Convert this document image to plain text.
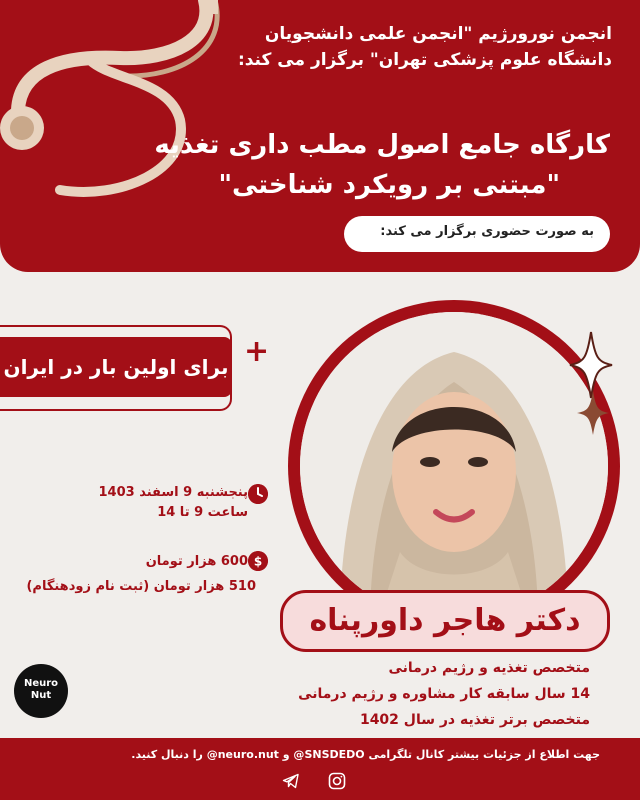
انجمن نورورژیم "انجمن علمی دانشجویان
دانشگاه علوم پزشکی تهران" برگزار می کند:
کارگاه جامع اصول مطب داری تغذیه
"مبتنی بر رویکرد شناختی"
به صورت حضوری برگزار می کند:
برای اولین بار در ایران +
دکتر هاجر داورپناه
پنجشنبه 9 اسفند 1403
ساعت 9 تا 14
$
600 هزار تومان
510 هزار تومان (ثبت نام زودهنگام)
متخصص تغذیه و رژیم درمانی
14 سال سابقه کار مشاوره و رژیم درمانی
متخصص برتر تغذیه در سال 1402
Neuro
Nut
جهت اطلاع از جزئیات بیشتر کانال تلگرامی SNSDEDO@ و neuro.nut@ را دنبال کنید.
